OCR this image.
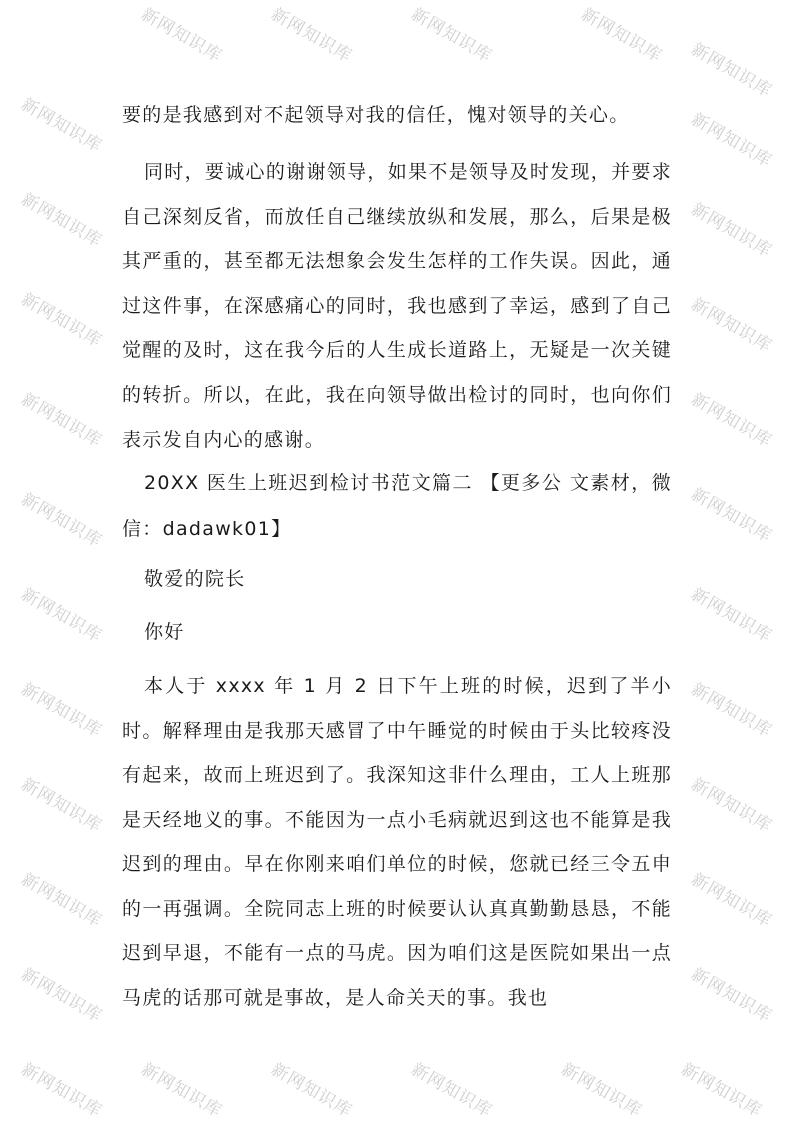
要的是我感到对不起领导对我的信任，愧对领导的关心。

同时，要诚心的谢谢领导，如果不是领导及时发现，并要求自己深刻反省，而放任自己继续放纵和发展，那么，后果是极其严重的，甚至都无法想象会发生怎样的工作失误。因此，通过这件事，在深感痛心的同时，我也感到了幸运，感到了自己觉醒的及时，这在我今后的人生成长道路上，无疑是一次关键的转折。所以，在此，我在向领导做出检讨的同时，也向你们表示发自内心的感谢。

20XX 医生上班迟到检讨书范文篇二 【更多公 文素材，微信：dadawk01】

敬爱的院长

你好

本人于 xxxx 年 1 月 2 日下午上班的时候，迟到了半小时。解释理由是我那天感冒了中午睡觉的时候由于头比较疼没有起来，故而上班迟到了。我深知这非什么理由，工人上班那是天经地义的事。不能因为一点小毛病就迟到这也不能算是我迟到的理由。早在你刚来咱们单位的时候，您就已经三令五申的一再强调。全院同志上班的时候要认认真真勤勤恳恳，不能迟到早退，不能有一点的马虎。因为咱们这是医院如果出一点马虎的话那可就是事故，是人命关天的事。我也

新网知识库 新网知识库	新网知识库	新网知识库
新网知识库
新网知识库	新网知识库
新网知识库	新网知识库
新网知识库	新网知识库
新网知识库	新网知识库
新网知识库	新网知识库
新网知识库	新网知识库
新网知识库	新网知识库
新网知识库	新网知识库
新网知识库	新网知识库
新网知识库	新网知识库
新网知识库 新网知识库 新网知识库	新网知识库	新网知识库 新网知识库
